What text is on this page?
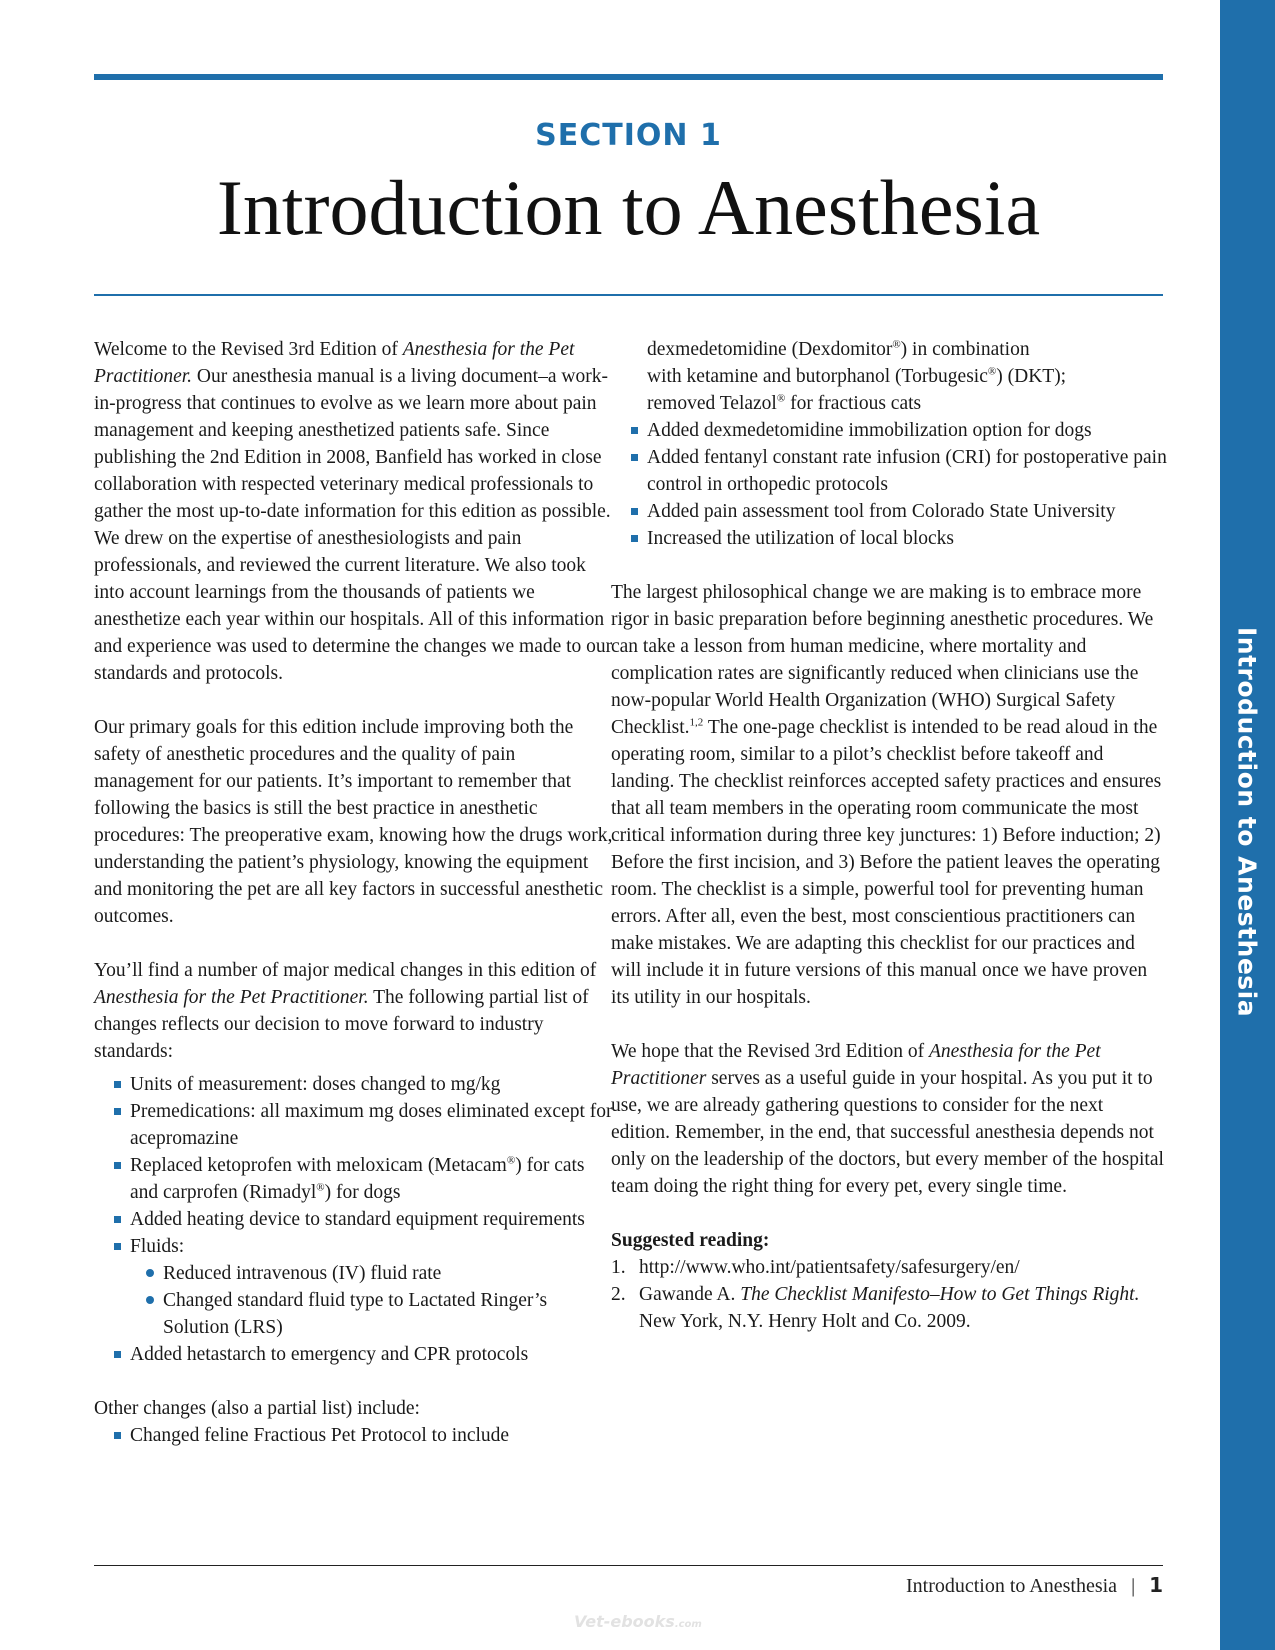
Introduction to Anesthesia
SECTION 1
Introduction to Anesthesia

Welcome to the Revised 3rd Edition of Anesthesia for the Pet Practitioner. Our anesthesia manual is a living document–a work-in-progress that continues to evolve as we learn more about pain management and keeping anesthetized patients safe. Since publishing the 2nd Edition in 2008, Banfield has worked in close collaboration with respected veterinary medical professionals to gather the most up-to-date information for this edition as possible. We drew on the expertise of anesthesiologists and pain professionals, and reviewed the current literature. We also took into account learnings from the thousands of patients we anesthetize each year within our hospitals. All of this information and experience was used to determine the changes we made to our standards and protocols.

Our primary goals for this edition include improving both the safety of anesthetic procedures and the quality of pain management for our patients. It’s important to remember that following the basics is still the best practice in anesthetic procedures: The preoperative exam, knowing how the drugs work, understanding the patient’s physiology, knowing the equipment and monitoring the pet are all key factors in successful anesthetic outcomes.

You’ll find a number of major medical changes in this edition of Anesthesia for the Pet Practitioner. The following partial list of changes reflects our decision to move forward to industry standards:

Units of measurement: doses changed to mg/kg
Premedications: all maximum mg doses eliminated except for acepromazine
Replaced ketoprofen with meloxicam (Metacam®) for cats and carprofen (Rimadyl®) for dogs
Added heating device to standard equipment requirements
Fluids:
Reduced intravenous (IV) fluid rate
Changed standard fluid type to Lactated Ringer’s Solution (LRS)
Added hetastarch to emergency and CPR protocols

Other changes (also a partial list) include:

Changed feline Fractious Pet Protocol to include
dexmedetomidine (Dexdomitor®) in combination
with ketamine and butorphanol (Torbugesic®) (DKT);
removed Telazol® for fractious cats
Added dexmedetomidine immobilization option for dogs
Added fentanyl constant rate infusion (CRI) for postoperative pain control in orthopedic protocols
Added pain assessment tool from Colorado State University
Increased the utilization of local blocks

The largest philosophical change we are making is to embrace more rigor in basic preparation before beginning anesthetic procedures. We can take a lesson from human medicine, where mortality and complication rates are significantly reduced when clinicians use the now-popular World Health Organization (WHO) Surgical Safety Checklist.$^{1,2}$ The one-page checklist is intended to be read aloud in the operating room, similar to a pilot’s checklist before takeoff and landing. The checklist reinforces accepted safety practices and ensures that all team members in the operating room communicate the most critical information during three key junctures: 1) Before induction; 2) Before the first incision, and 3) Before the patient leaves the operating room. The checklist is a simple, powerful tool for preventing human errors. After all, even the best, most conscientious practitioners can make mistakes. We are adapting this checklist for our practices and will include it in future versions of this manual once we have proven its utility in our hospitals.

We hope that the Revised 3rd Edition of Anesthesia for the Pet Practitioner serves as a useful guide in your hospital. As you put it to use, we are already gathering questions to consider for the next edition. Remember, in the end, that successful anesthesia depends not only on the leadership of the doctors, but every member of the hospital team doing the right thing for every pet, every single time.

Suggested reading:

1. http://www.who.int/patientsafety/safesurgery/en/
2. Gawande A. The Checklist Manifesto–How to Get Things Right. New York, N.Y. Henry Holt and Co. 2009.
Introduction to Anesthesia | 1
Vet-ebooks.com
